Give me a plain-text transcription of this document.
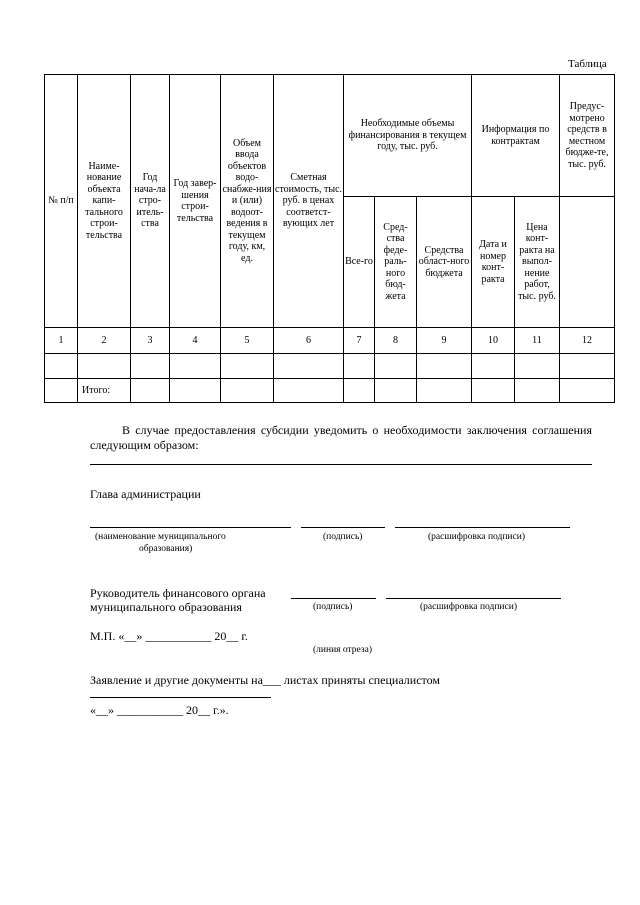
Таблица
№ п/п	Наиме-нование объекта капи-тального строи-тельства	Год нача-ла стро-итель-ства	Год завер-шения строи-тельства	Объем ввода объектов водо-снабже-ния и (или) водоот-ведения в текущем году, км, ед.	Сметная стоимость, тыс. руб. в ценах соответст-вующих лет	Необходимые объемы финансирования в текущем году, тыс. руб.			Информация по контрактам		Предус-мотрено средств в местном бюдже-те, тыс. руб.
						Все-го	Сред-ства феде-раль-ного бюд-жета	Средства област-ного бюджета	Дата и номер конт-ракта	Цена конт-ракта на выпол-нение работ, тыс. руб.	
1	2	3	4	5	6	7	8	9	10	11	12

	Итого:										
В случае предоставления субсидии уведомить о необходимости заключения соглашения следующим образом:
Глава администрации
(наименование муниципального
образования)
(подпись)	(расшифровка подписи)
Руководитель финансового органа
муниципального образования	(подпись)	(расшифровка подписи)
М.П. «__» ___________ 20__ г.
(линия отреза)
Заявление и другие документы на___ листах приняты специалистом
«__» ___________ 20__ г.».
